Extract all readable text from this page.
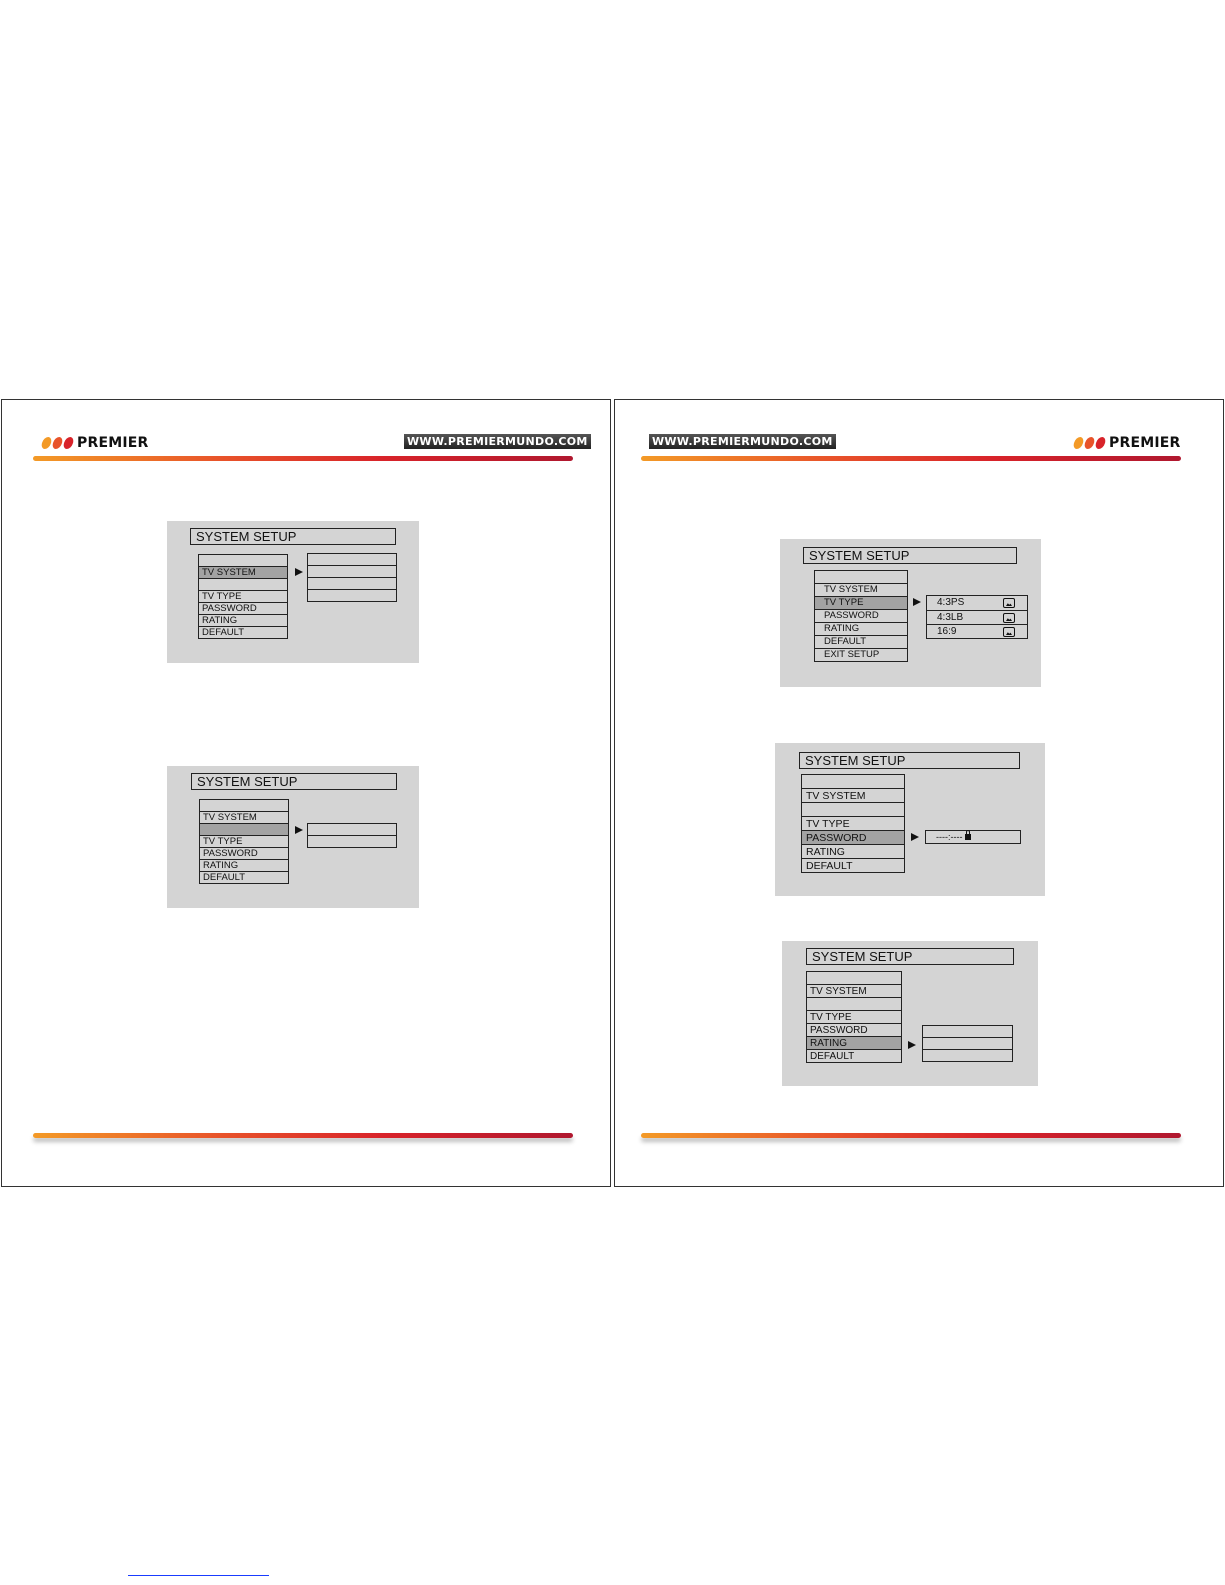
PREMIER	WWW.PREMIERMUNDO.COM
SYSTEM SETUP
TV SYSTEM
TV TYPE
PASSWORD
RATING
DEFAULT
SYSTEM SETUP
TV SYSTEM
TV TYPE
PASSWORD
RATING
DEFAULT
WWW.PREMIERMUNDO.COM	PREMIER
SYSTEM SETUP
TV SYSTEM
TV TYPE
PASSWORD
RATING
DEFAULT
EXIT SETUP
4:3PS
4:3LB
16:9
SYSTEM SETUP
TV SYSTEM
TV TYPE
PASSWORD
RATING
DEFAULT
----:----
SYSTEM SETUP
TV SYSTEM
TV TYPE
PASSWORD
RATING
DEFAULT
